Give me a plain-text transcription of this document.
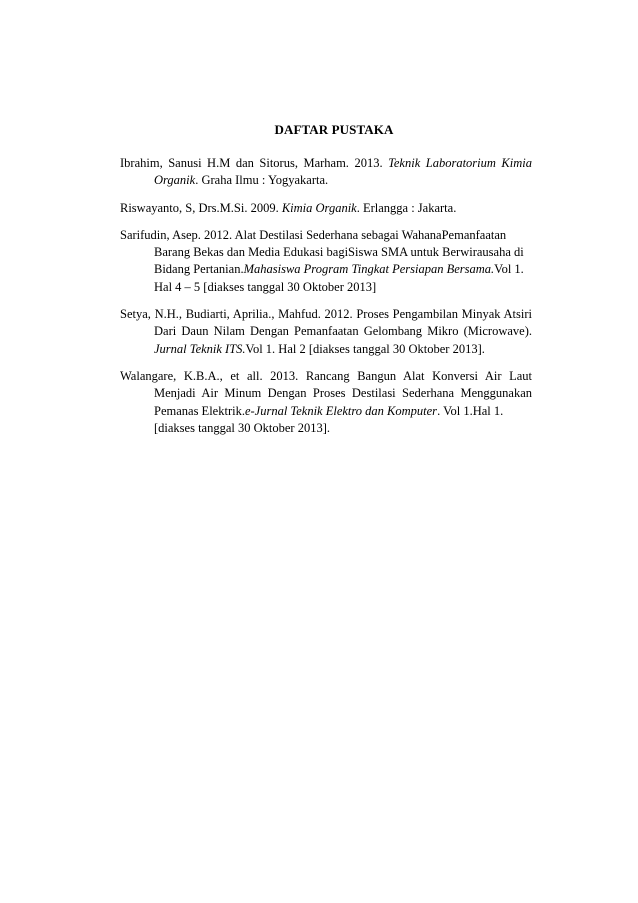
DAFTAR PUSTAKA
Ibrahim, Sanusi H.M dan Sitorus, Marham. 2013. Teknik Laboratorium Kimia
Organik. Graha Ilmu : Yogyakarta.
Riswayanto, S, Drs.M.Si. 2009. Kimia Organik. Erlangga : Jakarta.
Sarifudin, Asep. 2012. Alat Destilasi Sederhana sebagai WahanaPemanfaatan
Barang Bekas dan Media Edukasi bagiSiswa SMA untuk Berwirausaha di
Bidang Pertanian.Mahasiswa Program Tingkat Persiapan Bersama.Vol 1.
Hal 4 – 5 [diakses tanggal 30 Oktober 2013]
Setya, N.H., Budiarti, Aprilia., Mahfud. 2012. Proses Pengambilan Minyak Atsiri
Dari Daun Nilam Dengan Pemanfaatan Gelombang Mikro (Microwave).
Jurnal Teknik ITS.Vol 1. Hal 2 [diakses tanggal 30 Oktober 2013].
Walangare, K.B.A., et all. 2013. Rancang Bangun Alat Konversi Air Laut
Menjadi Air Minum Dengan Proses Destilasi Sederhana Menggunakan
Pemanas Elektrik.e-Jurnal Teknik Elektro dan Komputer. Vol 1.Hal 1.
[diakses tanggal 30 Oktober 2013].
